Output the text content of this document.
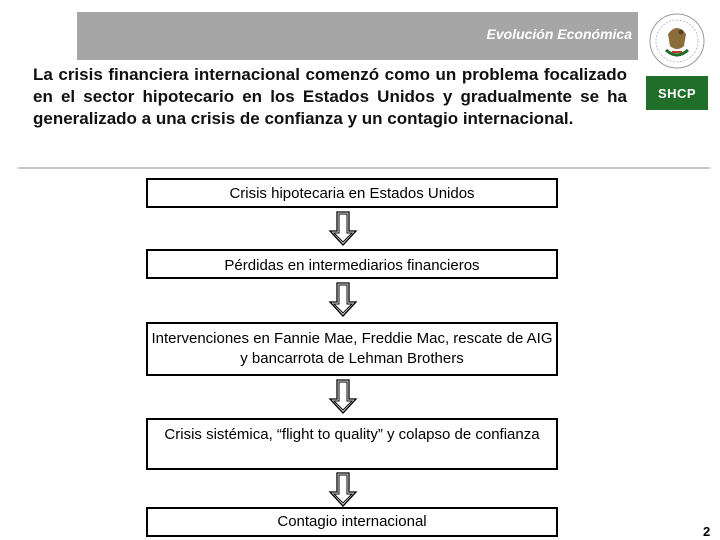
Evolución Económica
SHCP
La crisis financiera internacional comenzó como un problema focalizado en el sector hipotecario en los Estados Unidos y gradualmente se ha generalizado a una crisis de confianza y un contagio internacional.
Crisis hipotecaria en Estados Unidos
Pérdidas en intermediarios financieros
Intervenciones en Fannie Mae, Freddie Mac, rescate de AIG y bancarrota de Lehman Brothers
Crisis sistémica, “flight to quality” y colapso de confianza
Contagio internacional
2
